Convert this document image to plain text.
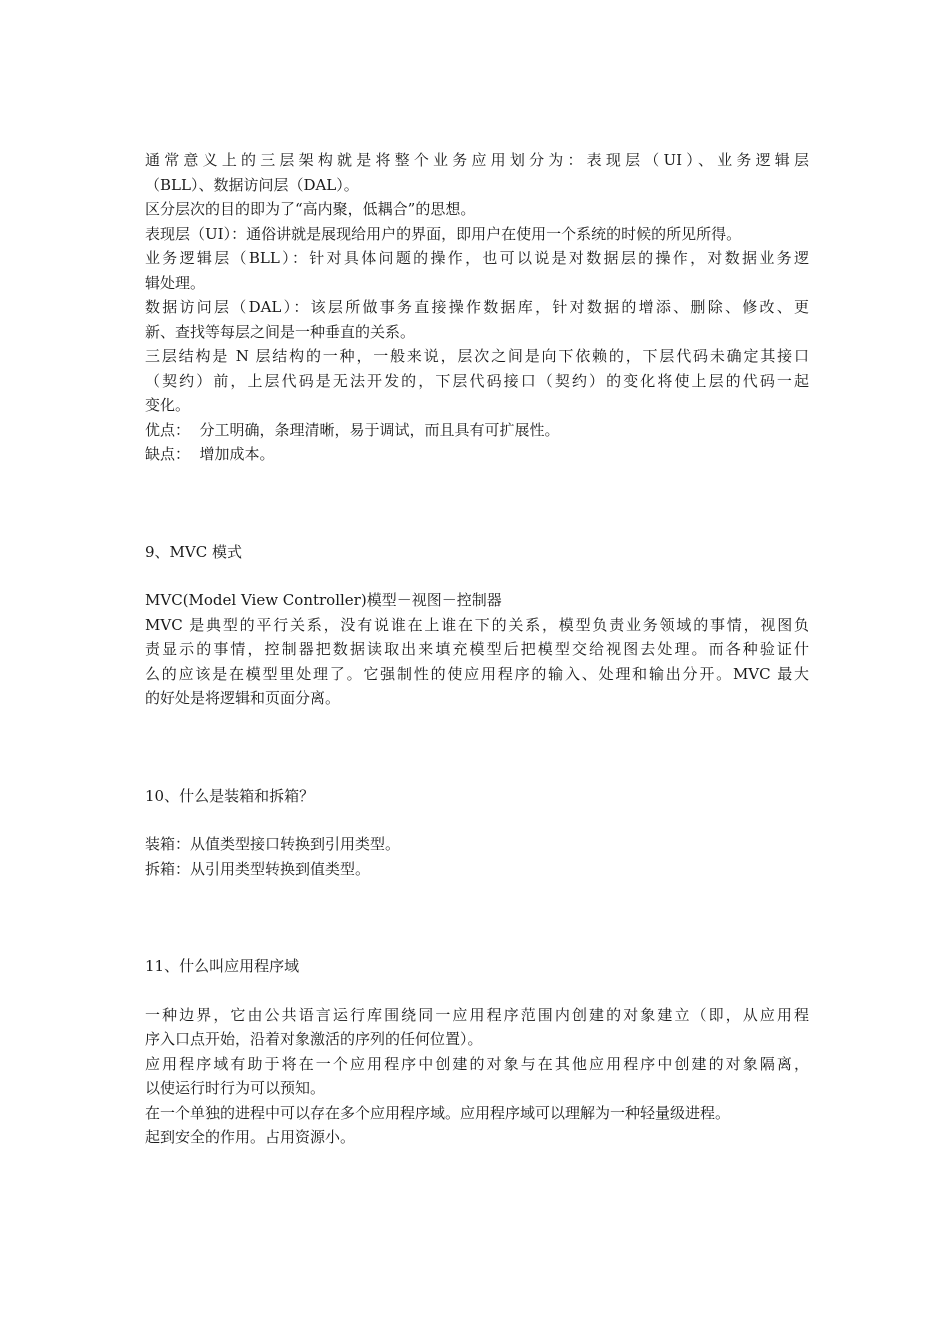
通常意义上的三层架构就是将整个业务应用划分为：表现层（UI）、业务逻辑层
（BLL）、数据访问层（DAL）。
区分层次的目的即为了“高内聚，低耦合”的思想。
表现层（UI）：通俗讲就是展现给用户的界面，即用户在使用一个系统的时候的所见所得。
业务逻辑层（BLL）：针对具体问题的操作，也可以说是对数据层的操作，对数据业务逻
辑处理。
数据访问层（DAL）：该层所做事务直接操作数据库，针对数据的增添、删除、修改、更
新、查找等每层之间是一种垂直的关系。
三层结构是 N 层结构的一种，一般来说，层次之间是向下依赖的，下层代码未确定其接口
（契约）前，上层代码是无法开发的，下层代码接口（契约）的变化将使上层的代码一起
变化。
优点：  分工明确，条理清晰，易于调试，而且具有可扩展性。
缺点：  增加成本。
9、MVC 模式
MVC(Model View Controller)模型－视图－控制器
MVC 是典型的平行关系，没有说谁在上谁在下的关系，模型负责业务领域的事情，视图负
责显示的事情，控制器把数据读取出来填充模型后把模型交给视图去处理。而各种验证什
么的应该是在模型里处理了。它强制性的使应用程序的输入、处理和输出分开。MVC 最大
的好处是将逻辑和页面分离。
10、什么是装箱和拆箱？
装箱：从值类型接口转换到引用类型。
拆箱：从引用类型转换到值类型。
11、什么叫应用程序域
一种边界，它由公共语言运行库围绕同一应用程序范围内创建的对象建立（即，从应用程
序入口点开始，沿着对象激活的序列的任何位置）。
应用程序域有助于将在一个应用程序中创建的对象与在其他应用程序中创建的对象隔离，
以使运行时行为可以预知。
在一个单独的进程中可以存在多个应用程序域。应用程序域可以理解为一种轻量级进程。
起到安全的作用。占用资源小。
